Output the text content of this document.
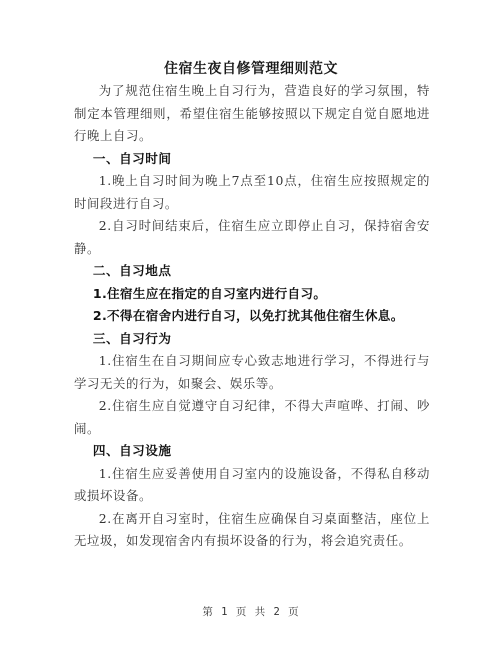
住宿生夜自修管理细则范文

为了规范住宿生晚上自习行为，营造良好的学习氛围，特制定本管理细则，希望住宿生能够按照以下规定自觉自愿地进行晚上自习。

一、自习时间

1.晚上自习时间为晚上7点至10点，住宿生应按照规定的时间段进行自习。

2.自习时间结束后，住宿生应立即停止自习，保持宿舍安静。

二、自习地点

1.住宿生应在指定的自习室内进行自习。

2.不得在宿舍内进行自习，以免打扰其他住宿生休息。

三、自习行为

1.住宿生在自习期间应专心致志地进行学习，不得进行与学习无关的行为，如聚会、娱乐等。

2.住宿生应自觉遵守自习纪律，不得大声喧哗、打闹、吵闹。

四、自习设施

1.住宿生应妥善使用自习室内的设施设备，不得私自移动或损坏设备。

2.在离开自习室时，住宿生应确保自习桌面整洁，座位上无垃圾，如发现宿舍内有损坏设备的行为，将会追究责任。

第 1 页 共 2 页
